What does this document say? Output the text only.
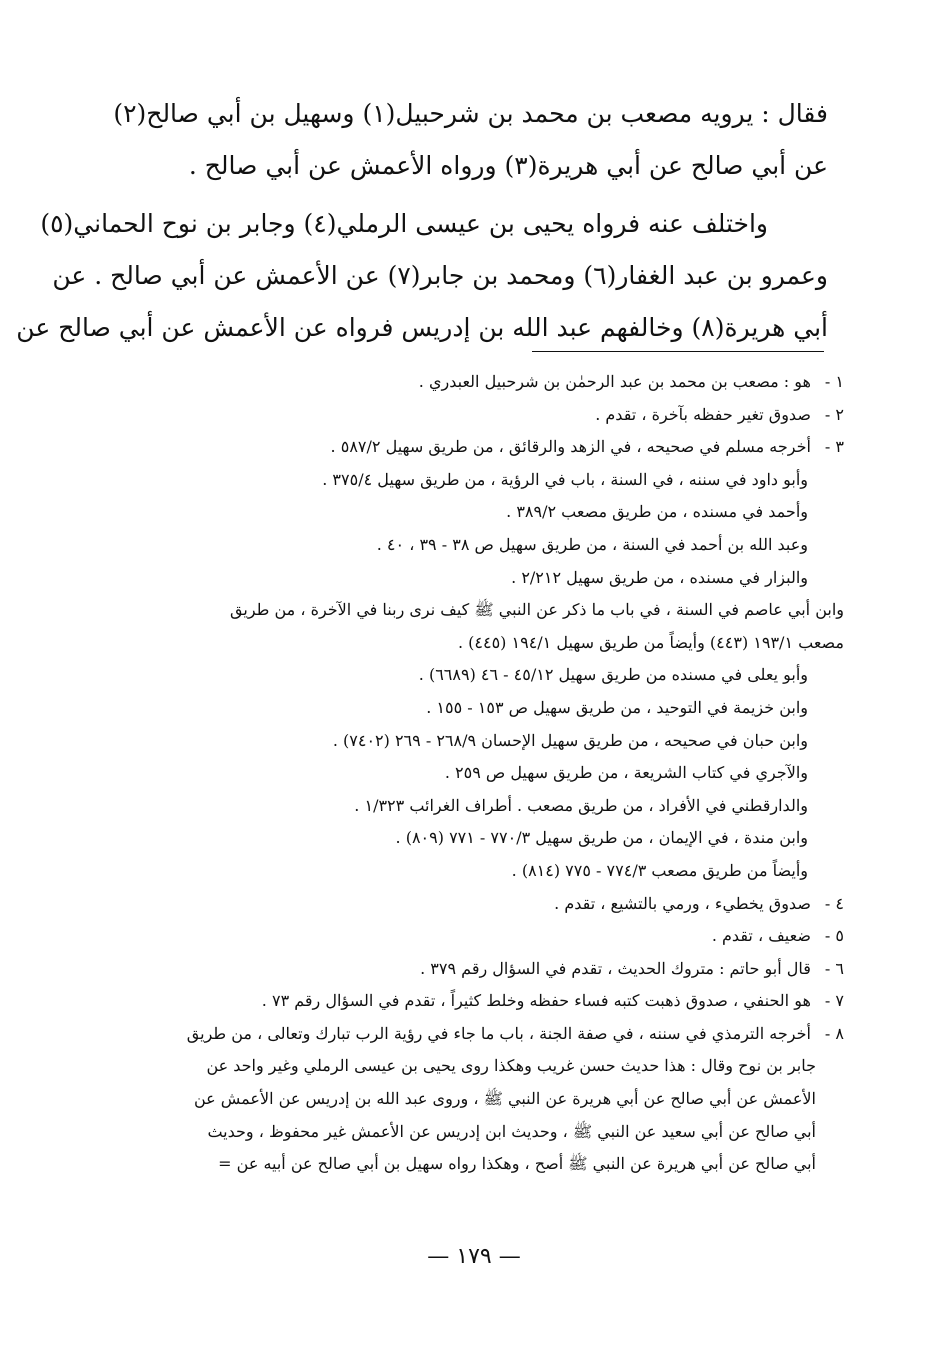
فقال : يرويه مصعب بن محمد بن شرحبيل(١) وسهيل بن أبي صالح(٢)
عن أبي صالح عن أبي هريرة(٣) ورواه الأعمش عن أبي صالح .
واختلف عنه فرواه يحيى بن عيسى الرملي(٤) وجابر بن نوح الحماني(٥)
وعمرو بن عبد الغفار(٦) ومحمد بن جابر(٧) عن الأعمش عن أبي صالح . عن
أبي هريرة(٨) وخالفهم عبد الله بن إدريس فرواه عن الأعمش عن أبي صالح عن
١ - هو : مصعب بن محمد بن عبد الرحمٰن بن شرحبيل العبدري .
٢ - صدوق تغير حفظه بآخرة ، تقدم .
٣ - أخرجه مسلم في صحيحه ، في الزهد والرقائق ، من طريق سهيل ٥٨٧/٢ .
وأبو داود في سننه ، في السنة ، باب في الرؤية ، من طريق سهيل ٣٧٥/٤ .
وأحمد في مسنده ، من طريق مصعب ٣٨٩/٢ .
وعبد الله بن أحمد في السنة ، من طريق سهيل ص ٣٨ - ٣٩ ، ٤٠ .
والبزار في مسنده ، من طريق سهيل ٢/٢١٢ .
وابن أبي عاصم في السنة ، في باب ما ذكر عن النبي ﷺ كيف نرى ربنا في الآخرة ، من طريق
مصعب ١٩٣/١ (٤٤٣) وأيضاً من طريق سهيل ١٩٤/١ (٤٤٥) .
وأبو يعلى في مسنده من طريق سهيل ٤٥/١٢ - ٤٦ (٦٦٨٩) .
وابن خزيمة في التوحيد ، من طريق سهيل ص ١٥٣ - ١٥٥ .
وابن حبان في صحيحه ، من طريق سهيل الإحسان ٢٦٨/٩ - ٢٦٩ (٧٤٠٢) .
والآجري في كتاب الشريعة ، من طريق سهيل ص ٢٥٩ .
والدارقطني في الأفراد ، من طريق مصعب . أطراف الغرائب ١/٣٢٣ .
وابن مندة ، في الإيمان ، من طريق سهيل ٧٧٠/٣ - ٧٧١ (٨٠٩) .
وأيضاً من طريق مصعب ٧٧٤/٣ - ٧٧٥ (٨١٤) .
٤ - صدوق يخطيء ، ورمي بالتشيع ، تقدم .
٥ - ضعيف ، تقدم .
٦ - قال أبو حاتم : متروك الحديث ، تقدم في السؤال رقم ٣٧٩ .
٧ - هو الحنفي ، صدوق ذهبت كتبه فساء حفظه وخلط كثيراً ، تقدم في السؤال رقم ٧٣ .
٨ - أخرجه الترمذي في سننه ، في صفة الجنة ، باب ما جاء في رؤية الرب تبارك وتعالى ، من طريق
جابر بن نوح وقال : هذا حديث حسن غريب وهكذا روى يحيى بن عيسى الرملي وغير واحد عن
الأعمش عن أبي صالح عن أبي هريرة عن النبي ﷺ ، وروى عبد الله بن إدريس عن الأعمش عن
أبي صالح عن أبي سعيد عن النبي ﷺ ، وحديث ابن إدريس عن الأعمش غير محفوظ ، وحديث
أبي صالح عن أبي هريرة عن النبي ﷺ أصح ، وهكذا رواه سهيل بن أبي صالح عن أبيه عن =
— ١٧٩ —
